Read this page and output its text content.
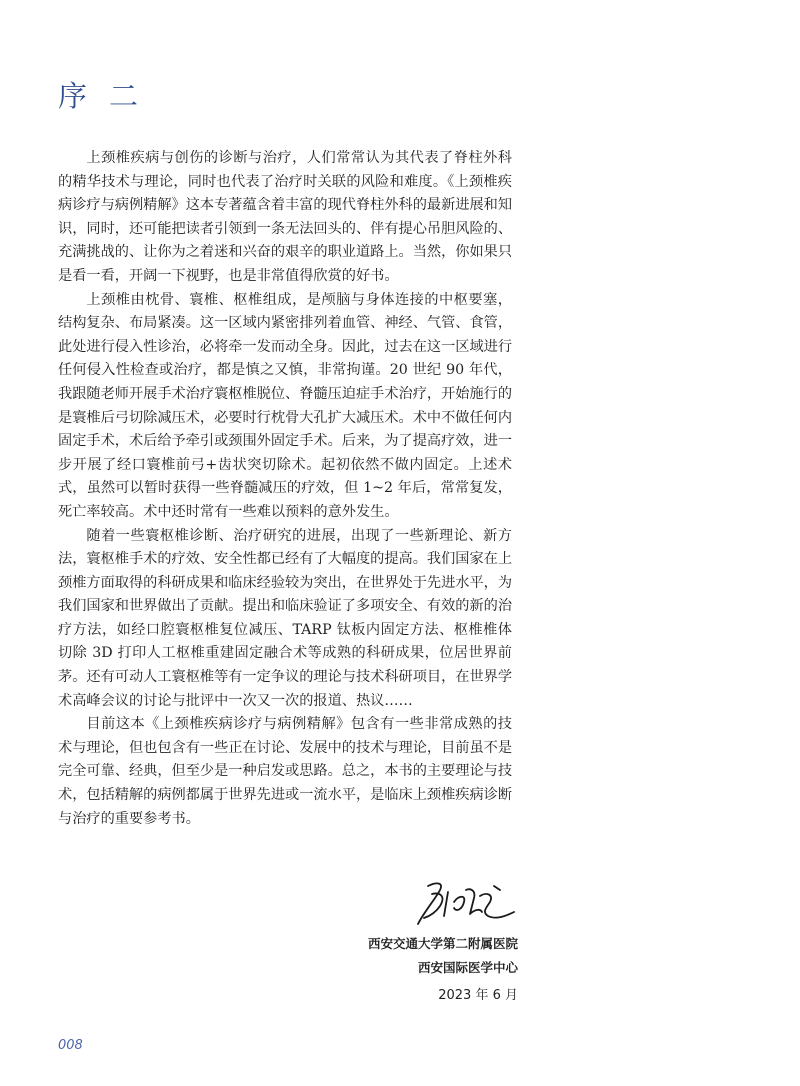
序 二

上颈椎疾病与创伤的诊断与治疗，人们常常认为其代表了脊柱外科的精华技术与理论，同时也代表了治疗时关联的风险和难度。《上颈椎疾病诊疗与病例精解》这本专著蕴含着丰富的现代脊柱外科的最新进展和知识，同时，还可能把读者引领到一条无法回头的、伴有提心吊胆风险的、充满挑战的、让你为之着迷和兴奋的艰辛的职业道路上。当然，你如果只是看一看，开阔一下视野，也是非常值得欣赏的好书。

上颈椎由枕骨、寰椎、枢椎组成，是颅脑与身体连接的中枢要塞，结构复杂、布局紧凑。这一区域内紧密排列着血管、神经、气管、食管，此处进行侵入性诊治，必将牵一发而动全身。因此，过去在这一区域进行任何侵入性检查或治疗，都是慎之又慎，非常拘谨。20 世纪 90 年代，我跟随老师开展手术治疗寰枢椎脱位、脊髓压迫症手术治疗，开始施行的是寰椎后弓切除减压术，必要时行枕骨大孔扩大减压术。术中不做任何内固定手术，术后给予牵引或颈围外固定手术。后来，为了提高疗效，进一步开展了经口寰椎前弓+齿状突切除术。起初依然不做内固定。上述术式，虽然可以暂时获得一些脊髓减压的疗效，但 1~2 年后，常常复发，死亡率较高。术中还时常有一些难以预料的意外发生。

随着一些寰枢椎诊断、治疗研究的进展，出现了一些新理论、新方法，寰枢椎手术的疗效、安全性都已经有了大幅度的提高。我们国家在上颈椎方面取得的科研成果和临床经验较为突出，在世界处于先进水平，为我们国家和世界做出了贡献。提出和临床验证了多项安全、有效的新的治疗方法，如经口腔寰枢椎复位减压、TARP 钛板内固定方法、枢椎椎体切除 3D 打印人工枢椎重建固定融合术等成熟的科研成果，位居世界前茅。还有可动人工寰枢椎等有一定争议的理论与技术科研项目，在世界学术高峰会议的讨论与批评中一次又一次的报道、热议……

目前这本《上颈椎疾病诊疗与病例精解》包含有一些非常成熟的技术与理论，但也包含有一些正在讨论、发展中的技术与理论，目前虽不是完全可靠、经典，但至少是一种启发或思路。总之，本书的主要理论与技术，包括精解的病例都属于世界先进或一流水平，是临床上颈椎疾病诊断与治疗的重要参考书。

西安交通大学第二附属医院
西安国际医学中心
2023 年 6 月
008
